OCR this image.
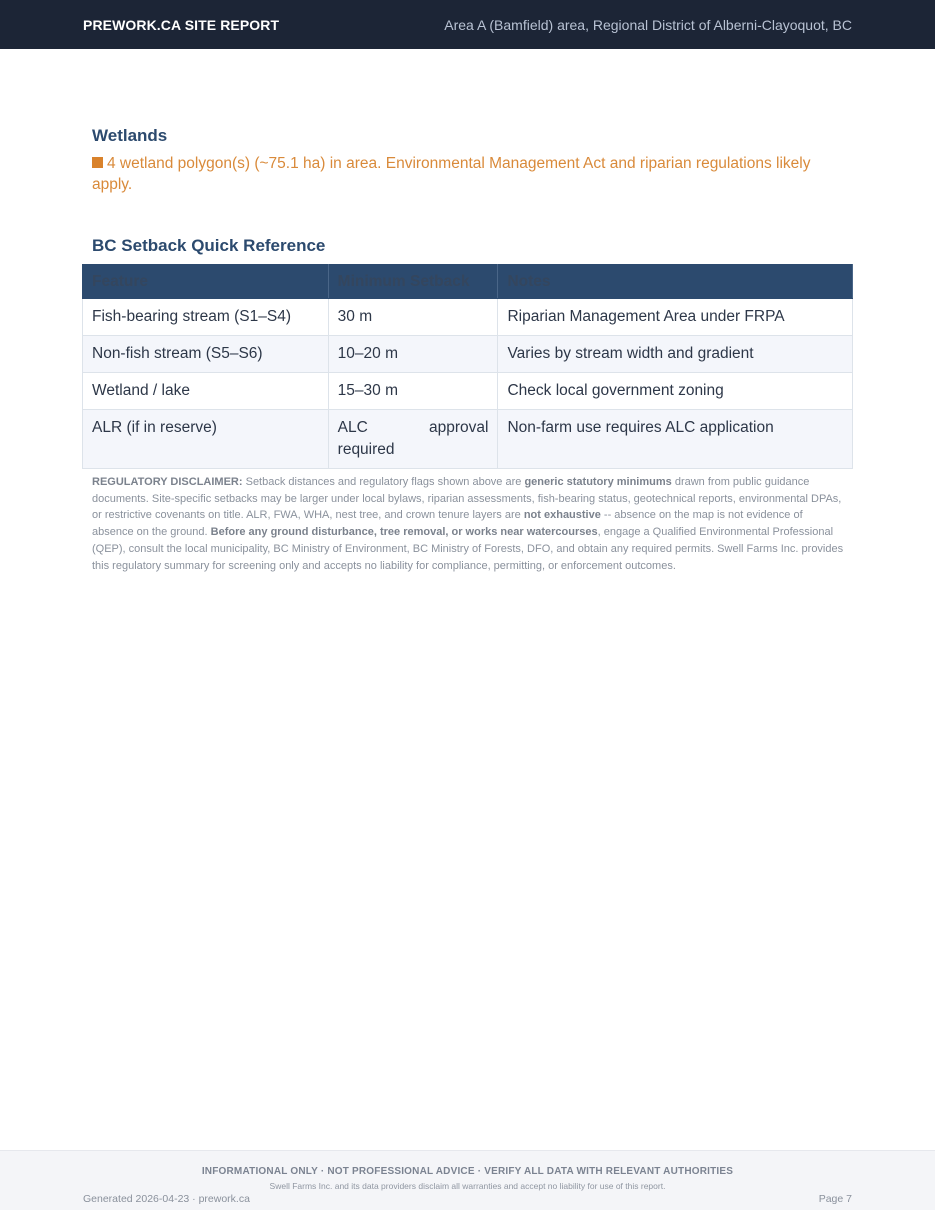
PREWORK.CA SITE REPORT	Area A (Bamfield) area, Regional District of Alberni-Clayoquot, BC
Wetlands

4 wetland polygon(s) (~75.1 ha) in area. Environmental Management Act and riparian regulations likely apply.

BC Setback Quick Reference
Feature	Minimum Setback	Notes
Fish-bearing stream (S1–S4)	30 m	Riparian Management Area under FRPA
Non-fish stream (S5–S6)	10–20 m	Varies by stream width and gradient
Wetland / lake	15–30 m	Check local government zoning
ALR (if in reserve)	ALC approval required	Non-farm use requires ALC application

REGULATORY DISCLAIMER: Setback distances and regulatory flags shown above are generic statutory minimums drawn from public guidance documents. Site-specific setbacks may be larger under local bylaws, riparian assessments, fish-bearing status, geotechnical reports, environmental DPAs, or restrictive covenants on title. ALR, FWA, WHA, nest tree, and crown tenure layers are not exhaustive -- absence on the map is not evidence of absence on the ground. Before any ground disturbance, tree removal, or works near watercourses, engage a Qualified Environmental Professional (QEP), consult the local municipality, BC Ministry of Environment, BC Ministry of Forests, DFO, and obtain any required permits. Swell Farms Inc. provides this regulatory summary for screening only and accepts no liability for compliance, permitting, or enforcement outcomes.

INFORMATIONAL ONLY · NOT PROFESSIONAL ADVICE · VERIFY ALL DATA WITH RELEVANT AUTHORITIES
Swell Farms Inc. and its data providers disclaim all warranties and accept no liability for use of this report.
Generated 2026-04-23 · prework.ca	Page 7
